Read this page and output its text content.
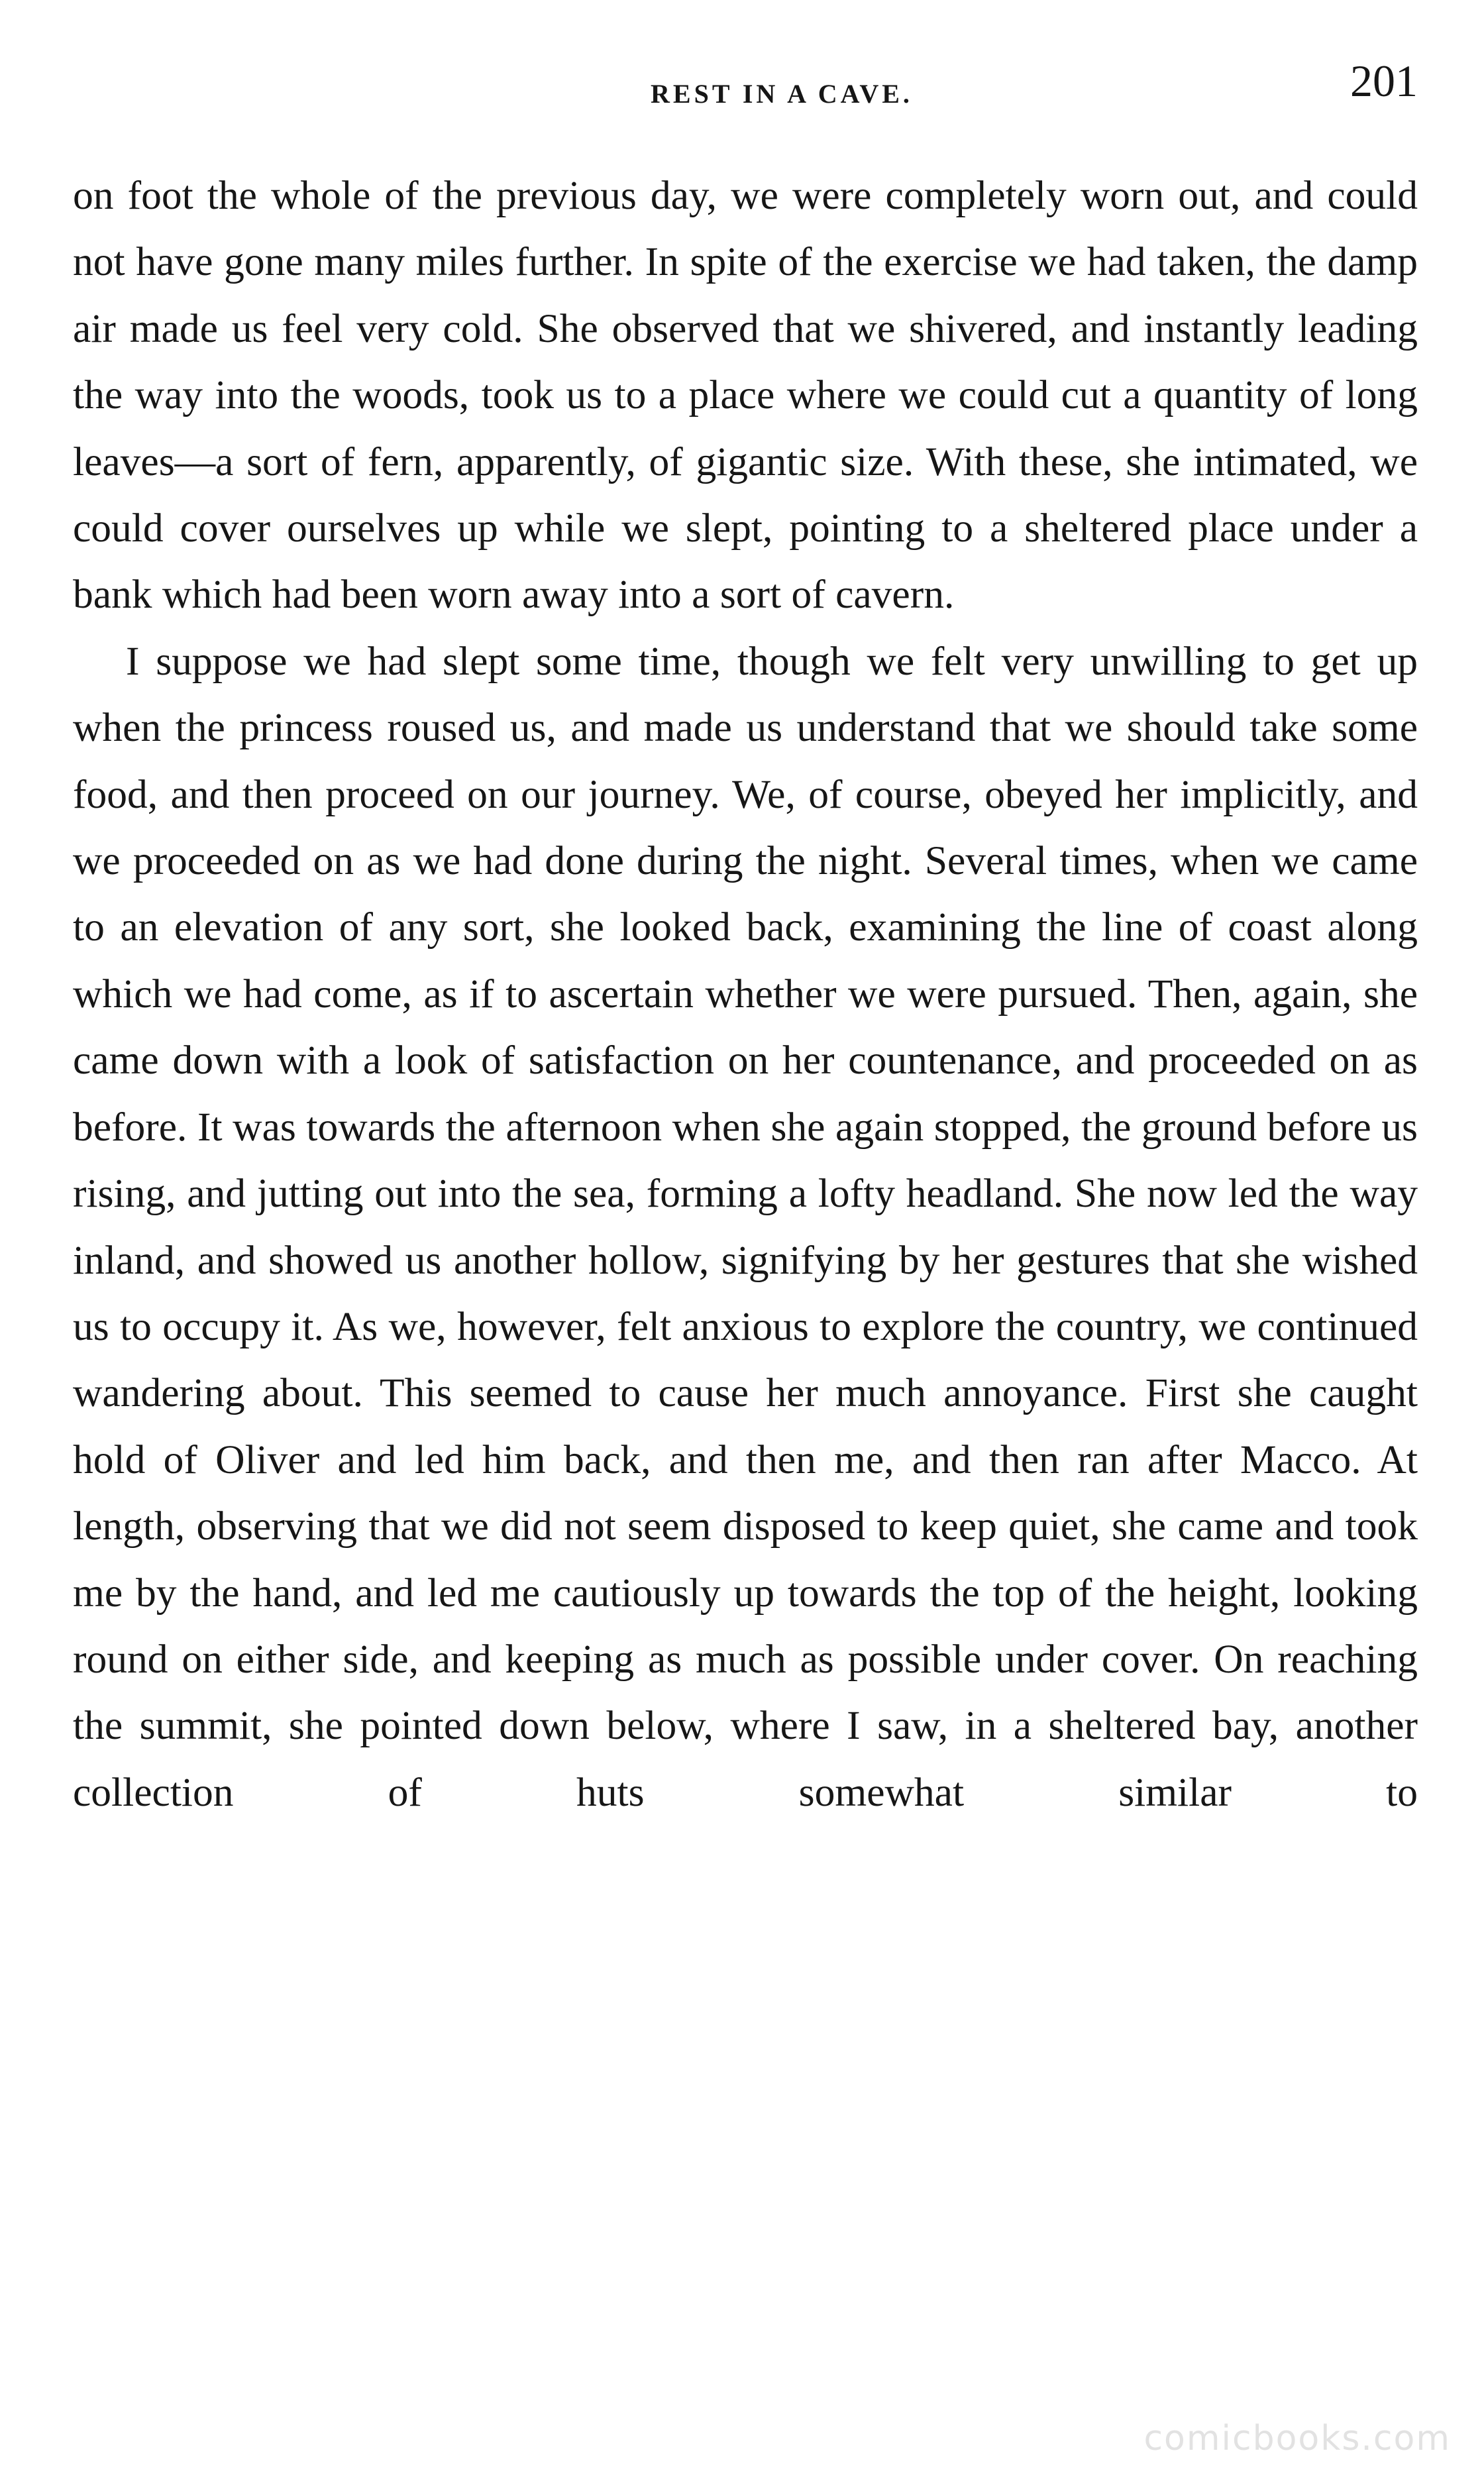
REST IN A CAVE.	201

on foot the whole of the previous day, we were completely worn out, and could not have gone many miles further. In spite of the exercise we had taken, the damp air made us feel very cold. She observed that we shivered, and instantly leading the way into the woods, took us to a place where we could cut a quantity of long leaves—a sort of fern, apparently, of gigantic size. With these, she intimated, we could cover ourselves up while we slept, pointing to a sheltered place under a bank which had been worn away into a sort of cavern.

I suppose we had slept some time, though we felt very unwilling to get up when the princess roused us, and made us understand that we should take some food, and then proceed on our journey. We, of course, obeyed her implicitly, and we proceeded on as we had done during the night. Several times, when we came to an elevation of any sort, she looked back, examining the line of coast along which we had come, as if to ascertain whether we were pursued. Then, again, she came down with a look of satisfaction on her countenance, and proceeded on as before. It was towards the afternoon when she again stopped, the ground before us rising, and jutting out into the sea, forming a lofty headland. She now led the way inland, and showed us another hollow, signifying by her gestures that she wished us to occupy it. As we, however, felt anxious to explore the country, we continued wandering about. This seemed to cause her much annoyance. First she caught hold of Oliver and led him back, and then me, and then ran after Macco. At length, observing that we did not seem disposed to keep quiet, she came and took me by the hand, and led me cautiously up towards the top of the height, looking round on either side, and keeping as much as possible under cover. On reaching the summit, she pointed down below, where I saw, in a sheltered bay, another collection of huts somewhat similar to

comicbooks.com
